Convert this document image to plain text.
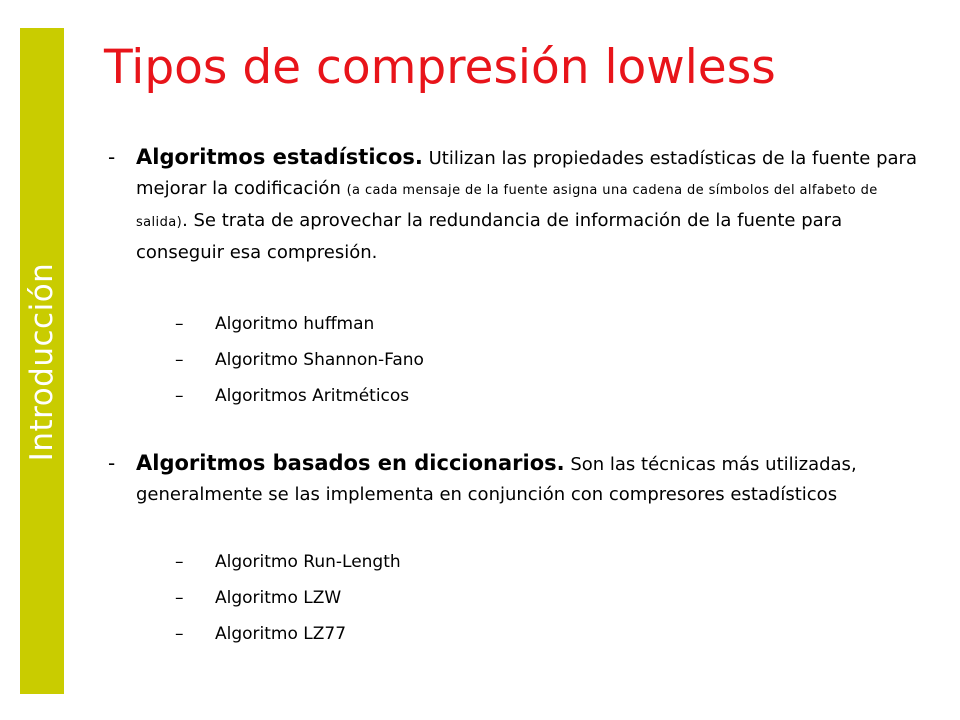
Introducción
Tipos de compresión lowless
- Algoritmos estadísticos. Utilizan las propiedades estadísticas de la fuente para mejorar la codificación (a cada mensaje de la fuente asigna una cadena de símbolos del alfabeto de salida). Se trata de aprovechar la redundancia de información de la fuente para conseguir esa compresión.
– Algoritmo huffman
– Algoritmo Shannon-Fano
– Algoritmos Aritméticos
- Algoritmos basados en diccionarios. Son las técnicas más utilizadas, generalmente se las implementa en conjunción con compresores estadísticos
– Algoritmo Run-Length
– Algoritmo LZW
– Algoritmo LZ77
